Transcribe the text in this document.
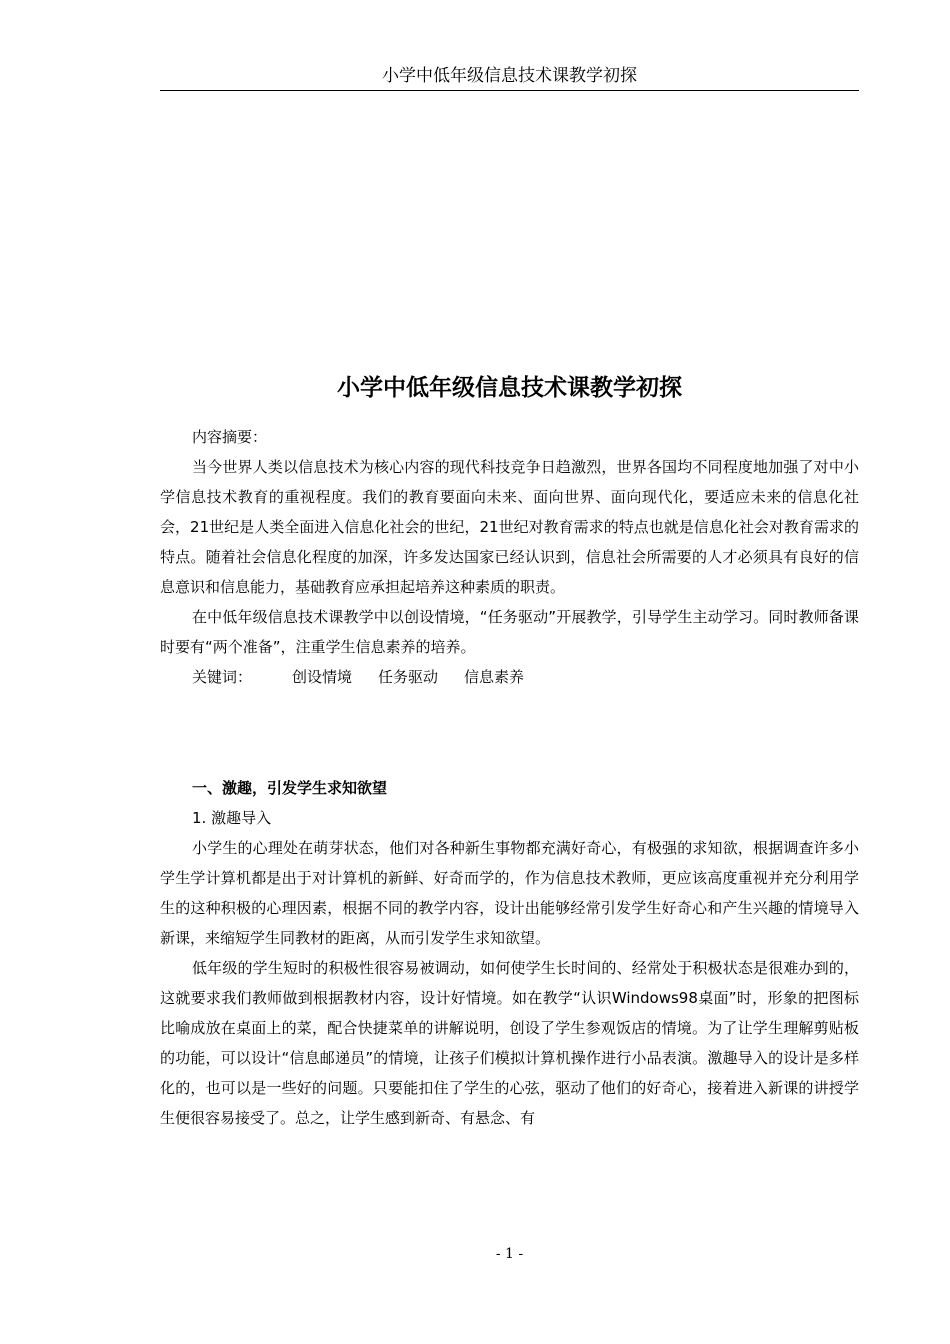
小学中低年级信息技术课教学初探
小学中低年级信息技术课教学初探

内容摘要：

当今世界人类以信息技术为核心内容的现代科技竞争日趋激烈，世界各国均不同程度地加强了对中小学信息技术教育的重视程度。我们的教育要面向未来、面向世界、面向现代化，要适应未来的信息化社会，21世纪是人类全面进入信息化社会的世纪，21世纪对教育需求的特点也就是信息化社会对教育需求的特点。随着社会信息化程度的加深，许多发达国家已经认识到，信息社会所需要的人才必须具有良好的信息意识和信息能力，基础教育应承担起培养这种素质的职责。

在中低年级信息技术课教学中以创设情境，“任务驱动”开展教学，引导学生主动学习。同时教师备课时要有“两个准备”，注重学生信息素养的培养。

关键词：	创设情境 任务驱动 信息素养

一、激趣，引发学生求知欲望

1. 激趣导入

小学生的心理处在萌芽状态，他们对各种新生事物都充满好奇心，有极强的求知欲，根据调查许多小学生学计算机都是出于对计算机的新鲜、好奇而学的，作为信息技术教师，更应该高度重视并充分利用学生的这种积极的心理因素，根据不同的教学内容，设计出能够经常引发学生好奇心和产生兴趣的情境导入新课，来缩短学生同教材的距离，从而引发学生求知欲望。

低年级的学生短时的积极性很容易被调动，如何使学生长时间的、经常处于积极状态是很难办到的，这就要求我们教师做到根据教材内容，设计好情境。如在教学“认识Windows98桌面”时，形象的把图标比喻成放在桌面上的菜，配合快捷菜单的讲解说明，创设了学生参观饭店的情境。为了让学生理解剪贴板的功能，可以设计“信息邮递员”的情境，让孩子们模拟计算机操作进行小品表演。激趣导入的设计是多样化的，也可以是一些好的问题。只要能扣住了学生的心弦，驱动了他们的好奇心，接着进入新课的讲授学生便很容易接受了。总之，让学生感到新奇、有悬念、有

- 1 -
